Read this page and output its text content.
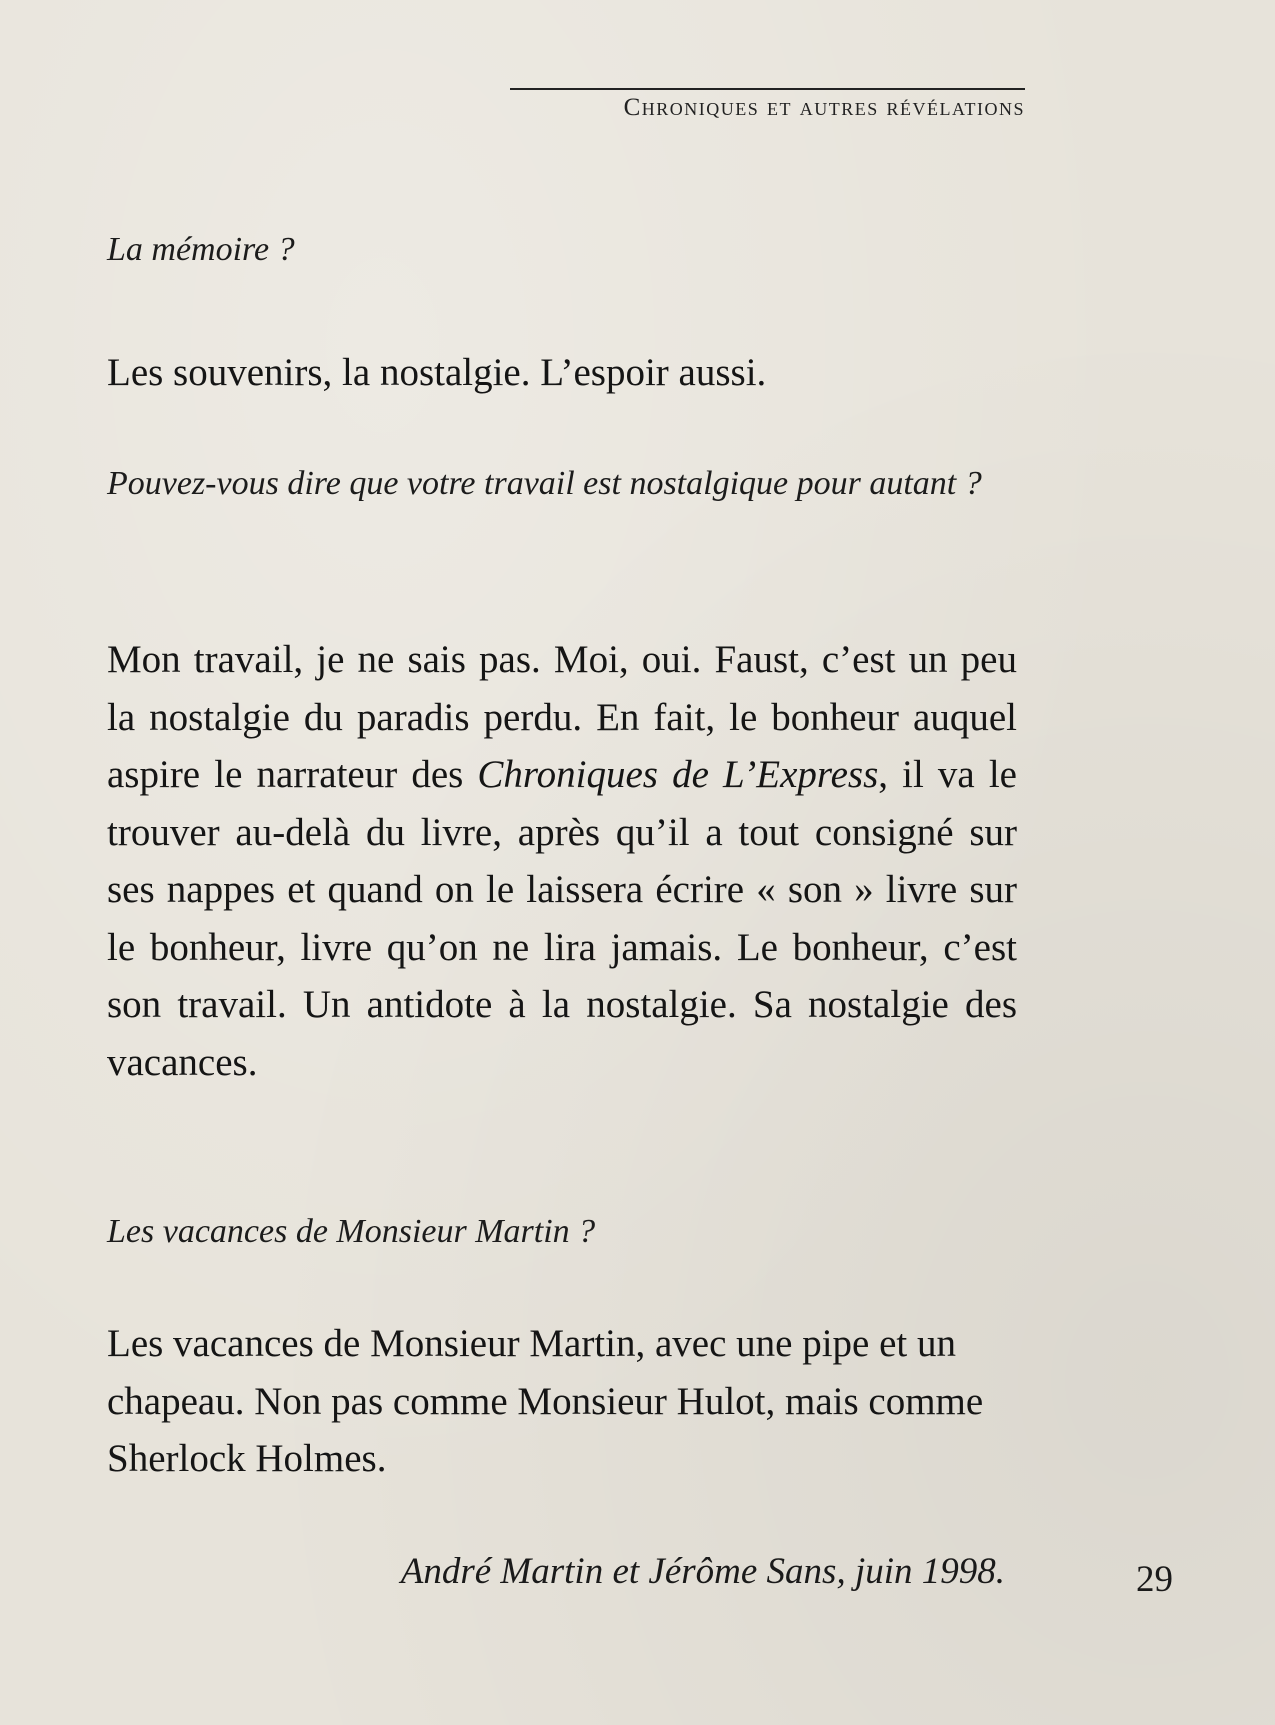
Chroniques et autres révélations
La mémoire ?
Les souvenirs, la nostalgie. L’espoir aussi.
Pouvez-vous dire que votre travail est nostalgique pour autant ?
Mon travail, je ne sais pas. Moi, oui. Faust, c’est un peu la nostalgie du paradis perdu. En fait, le bonheur auquel aspire le narrateur des Chroniques de L’Express, il va le trouver au-delà du livre, après qu’il a tout consigné sur ses nappes et quand on le laissera écrire « son » livre sur le bonheur, livre qu’on ne lira jamais. Le bonheur, c’est son travail. Un antidote à la nostalgie. Sa nostalgie des vacances.
Les vacances de Monsieur Martin ?
Les vacances de Monsieur Martin, avec une pipe et un chapeau. Non pas comme Monsieur Hulot, mais comme Sherlock Holmes.
André Martin et Jérôme Sans, juin 1998.	29
